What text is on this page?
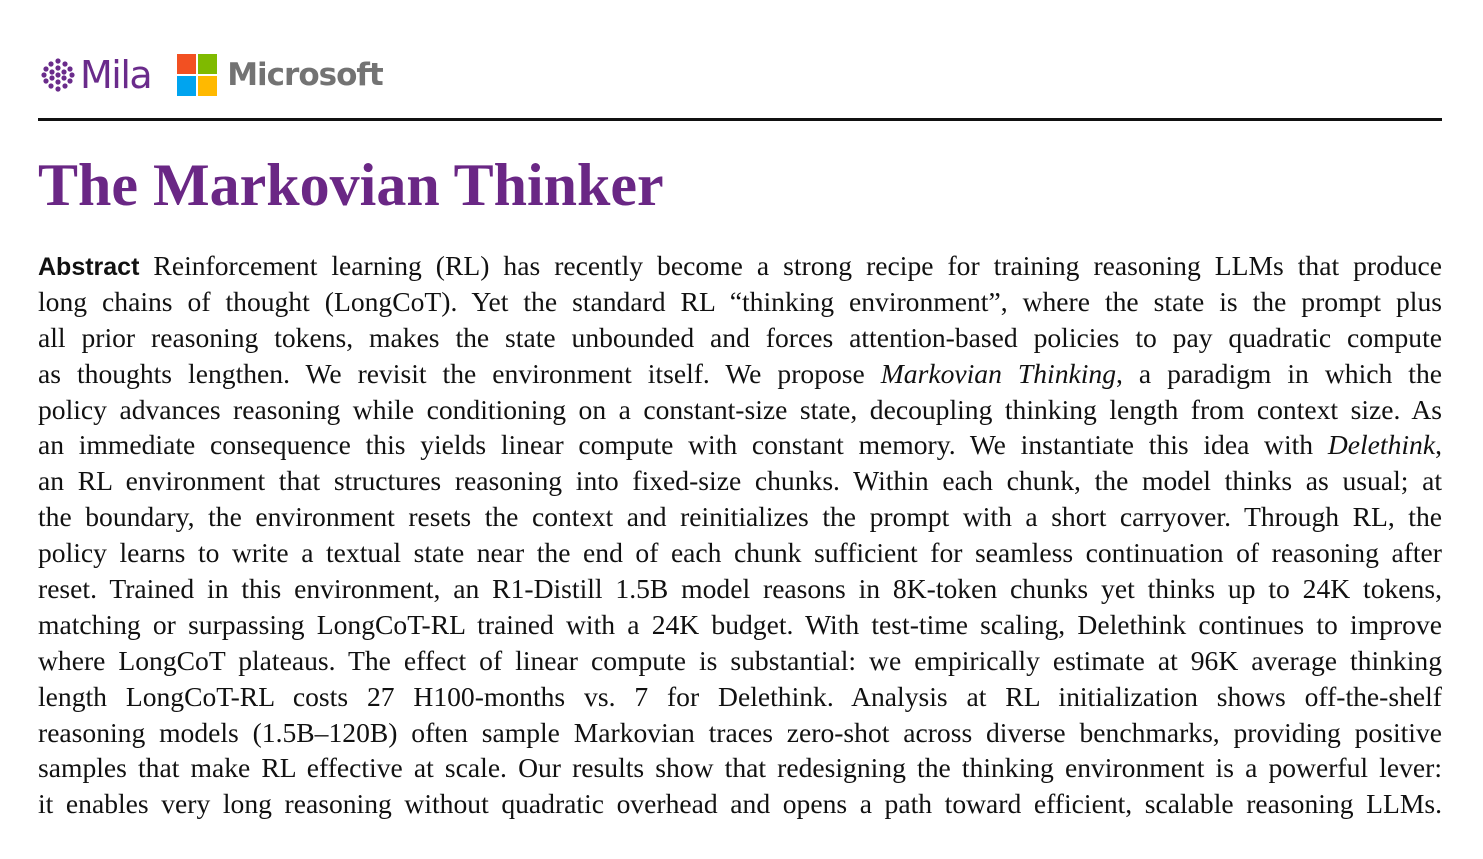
Mila Microsoft
The Markovian Thinker
Abstract Reinforcement learning (RL) has recently become a strong recipe for training reasoning LLMs that produce
long chains of thought (LongCoT). Yet the standard RL “thinking environment”, where the state is the prompt plus
all prior reasoning tokens, makes the state unbounded and forces attention-based policies to pay quadratic compute
as thoughts lengthen. We revisit the environment itself. We propose Markovian Thinking, a paradigm in which the
policy advances reasoning while conditioning on a constant-size state, decoupling thinking length from context size. As
an immediate consequence this yields linear compute with constant memory. We instantiate this idea with Delethink,
an RL environment that structures reasoning into fixed-size chunks. Within each chunk, the model thinks as usual; at
the boundary, the environment resets the context and reinitializes the prompt with a short carryover. Through RL, the
policy learns to write a textual state near the end of each chunk sufficient for seamless continuation of reasoning after
reset. Trained in this environment, an R1-Distill 1.5B model reasons in 8K-token chunks yet thinks up to 24K tokens,
matching or surpassing LongCoT-RL trained with a 24K budget. With test-time scaling, Delethink continues to improve
where LongCoT plateaus. The effect of linear compute is substantial: we empirically estimate at 96K average thinking
length LongCoT-RL costs 27 H100-months vs. 7 for Delethink. Analysis at RL initialization shows off-the-shelf
reasoning models (1.5B–120B) often sample Markovian traces zero-shot across diverse benchmarks, providing positive
samples that make RL effective at scale. Our results show that redesigning the thinking environment is a powerful lever:
it enables very long reasoning without quadratic overhead and opens a path toward efficient, scalable reasoning LLMs.
